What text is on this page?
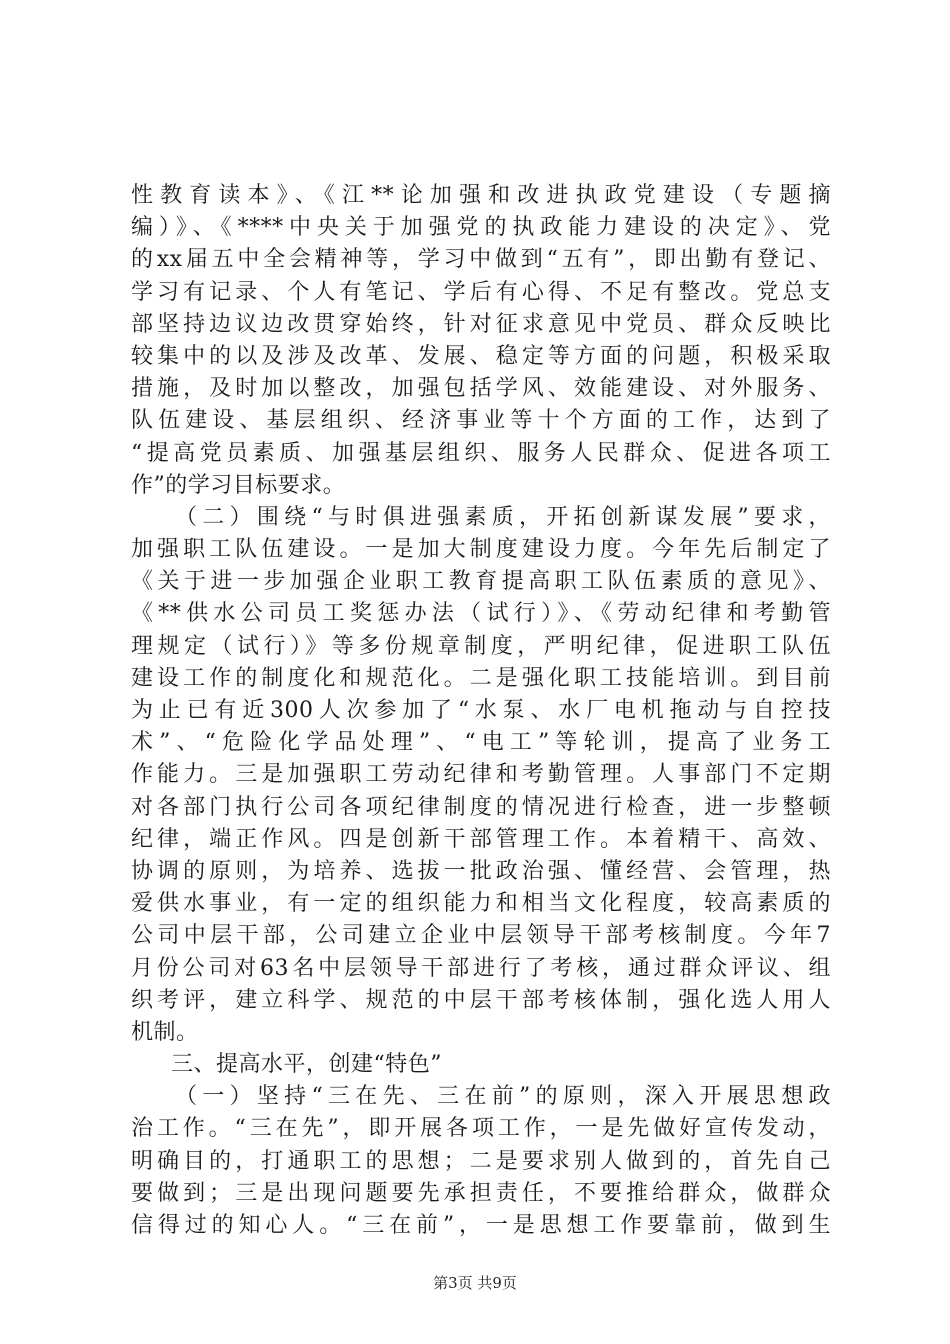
性教育读本》、《江**论加强和改进执政党建设（专题摘
编）》、《****中央关于加强党的执政能力建设的决定》、党
的xx届五中全会精神等，学习中做到“五有”，即出勤有登记、
学习有记录、个人有笔记、学后有心得、不足有整改。党总支
部坚持边议边改贯穿始终，针对征求意见中党员、群众反映比
较集中的以及涉及改革、发展、稳定等方面的问题，积极采取
措施，及时加以整改，加强包括学风、效能建设、对外服务、
队伍建设、基层组织、经济事业等十个方面的工作，达到了
“提高党员素质、加强基层组织、服务人民群众、促进各项工
作”的学习目标要求。
（二）围绕“与时俱进强素质，开拓创新谋发展”要求，
加强职工队伍建设。一是加大制度建设力度。今年先后制定了
《关于进一步加强企业职工教育提高职工队伍素质的意见》、
《**供水公司员工奖惩办法（试行）》、《劳动纪律和考勤管
理规定（试行）》等多份规章制度，严明纪律，促进职工队伍
建设工作的制度化和规范化。二是强化职工技能培训。到目前
为止已有近300人次参加了“水泵、水厂电机拖动与自控技
术”、“危险化学品处理”、“电工”等轮训，提高了业务工
作能力。三是加强职工劳动纪律和考勤管理。人事部门不定期
对各部门执行公司各项纪律制度的情况进行检查，进一步整顿
纪律，端正作风。四是创新干部管理工作。本着精干、高效、
协调的原则，为培养、选拔一批政治强、懂经营、会管理，热
爱供水事业，有一定的组织能力和相当文化程度，较高素质的
公司中层干部，公司建立企业中层领导干部考核制度。今年7
月份公司对63名中层领导干部进行了考核，通过群众评议、组
织考评，建立科学、规范的中层干部考核体制，强化选人用人
机制。
三、提高水平，创建“特色”
（一）坚持“三在先、三在前”的原则，深入开展思想政
治工作。“三在先”，即开展各项工作，一是先做好宣传发动，
明确目的，打通职工的思想；二是要求别人做到的，首先自己
要做到；三是出现问题要先承担责任，不要推给群众，做群众
信得过的知心人。“三在前”，一是思想工作要靠前，做到生
第3页 共9页
